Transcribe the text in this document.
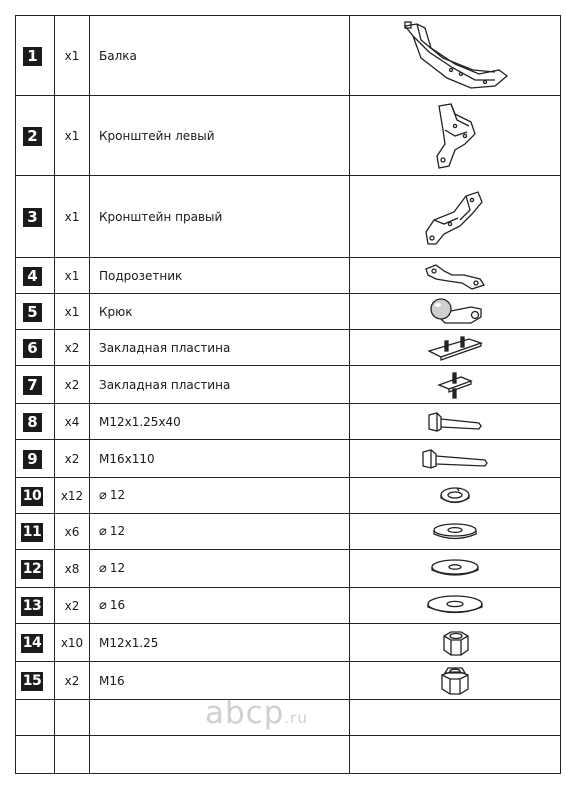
1	x1	Балка	

2	x1	Кронштейн левый	

3	x1	Кронштейн правый	

4	x1	Подрозетник	

5	x1	Крюк	

6	x2	Закладная пластина	

7	x2	Закладная пластина	

8	x4	M12x1.25x40	

9	x2	M16x110	

10	x12	⌀ 12	

11	x6	⌀ 12	

12	x8	⌀ 12	

13	x2	⌀ 16	

14	x10	M12x1.25	

15	x2	M16	

abcp.ru
